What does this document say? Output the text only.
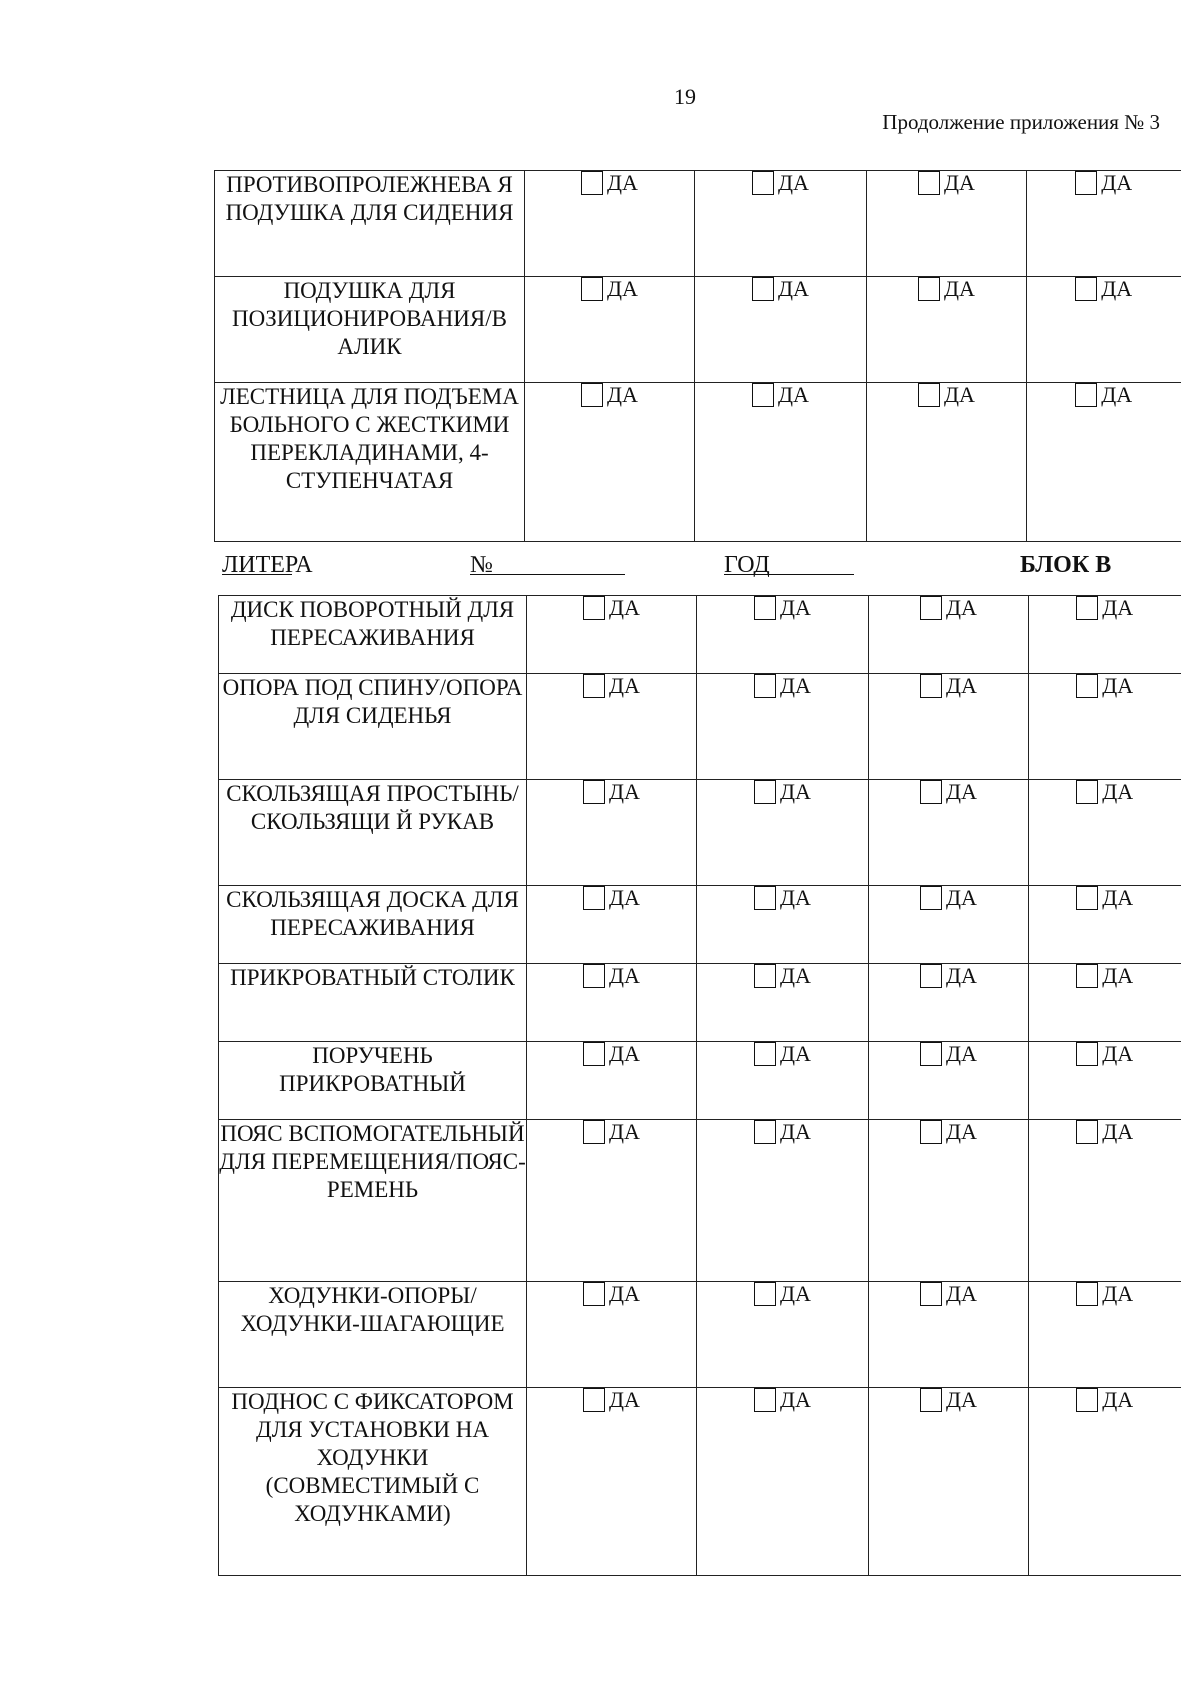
19
Продолжение приложения № 3
ПРОТИВОПРОЛЕЖНЕВА Я ПОДУШКА ДЛЯ СИДЕНИЯ	ДА	ДА	ДА	ДА

ПОДУШКА ДЛЯ ПОЗИЦИОНИРОВАНИЯ/В АЛИК	ДА	ДА	ДА	ДА

ЛЕСТНИЦА ДЛЯ ПОДЪЕМА БОЛЬНОГО С ЖЕСТКИМИ ПЕРЕКЛАДИНАМИ, 4-СТУПЕНЧАТАЯ	ДА	ДА	ДА	ДА
ЛИТЕРА	№	ГОД	БЛОК В
ДИСК ПОВОРОТНЫЙ ДЛЯ ПЕРЕСАЖИВАНИЯ	ДА	ДА	ДА	ДА

ОПОРА ПОД СПИНУ/ОПОРА ДЛЯ СИДЕНЬЯ	ДА	ДА	ДА	ДА

СКОЛЬЗЯЩАЯ ПРОСТЫНЬ/СКОЛЬЗЯЩИ Й РУКАВ	ДА	ДА	ДА	ДА

СКОЛЬЗЯЩАЯ ДОСКА ДЛЯ ПЕРЕСАЖИВАНИЯ	ДА	ДА	ДА	ДА

ПРИКРОВАТНЫЙ СТОЛИК	ДА	ДА	ДА	ДА

ПОРУЧЕНЬ ПРИКРОВАТНЫЙ	ДА	ДА	ДА	ДА

ПОЯС ВСПОМОГАТЕЛЬНЫЙ ДЛЯ ПЕРЕМЕЩЕНИЯ/ПОЯС-РЕМЕНЬ	ДА	ДА	ДА	ДА

ХОДУНКИ-ОПОРЫ/ХОДУНКИ-ШАГАЮЩИЕ	ДА	ДА	ДА	ДА

ПОДНОС С ФИКСАТОРОМ ДЛЯ УСТАНОВКИ НА ХОДУНКИ (СОВМЕСТИМЫЙ С ХОДУНКАМИ)	ДА	ДА	ДА	ДА
